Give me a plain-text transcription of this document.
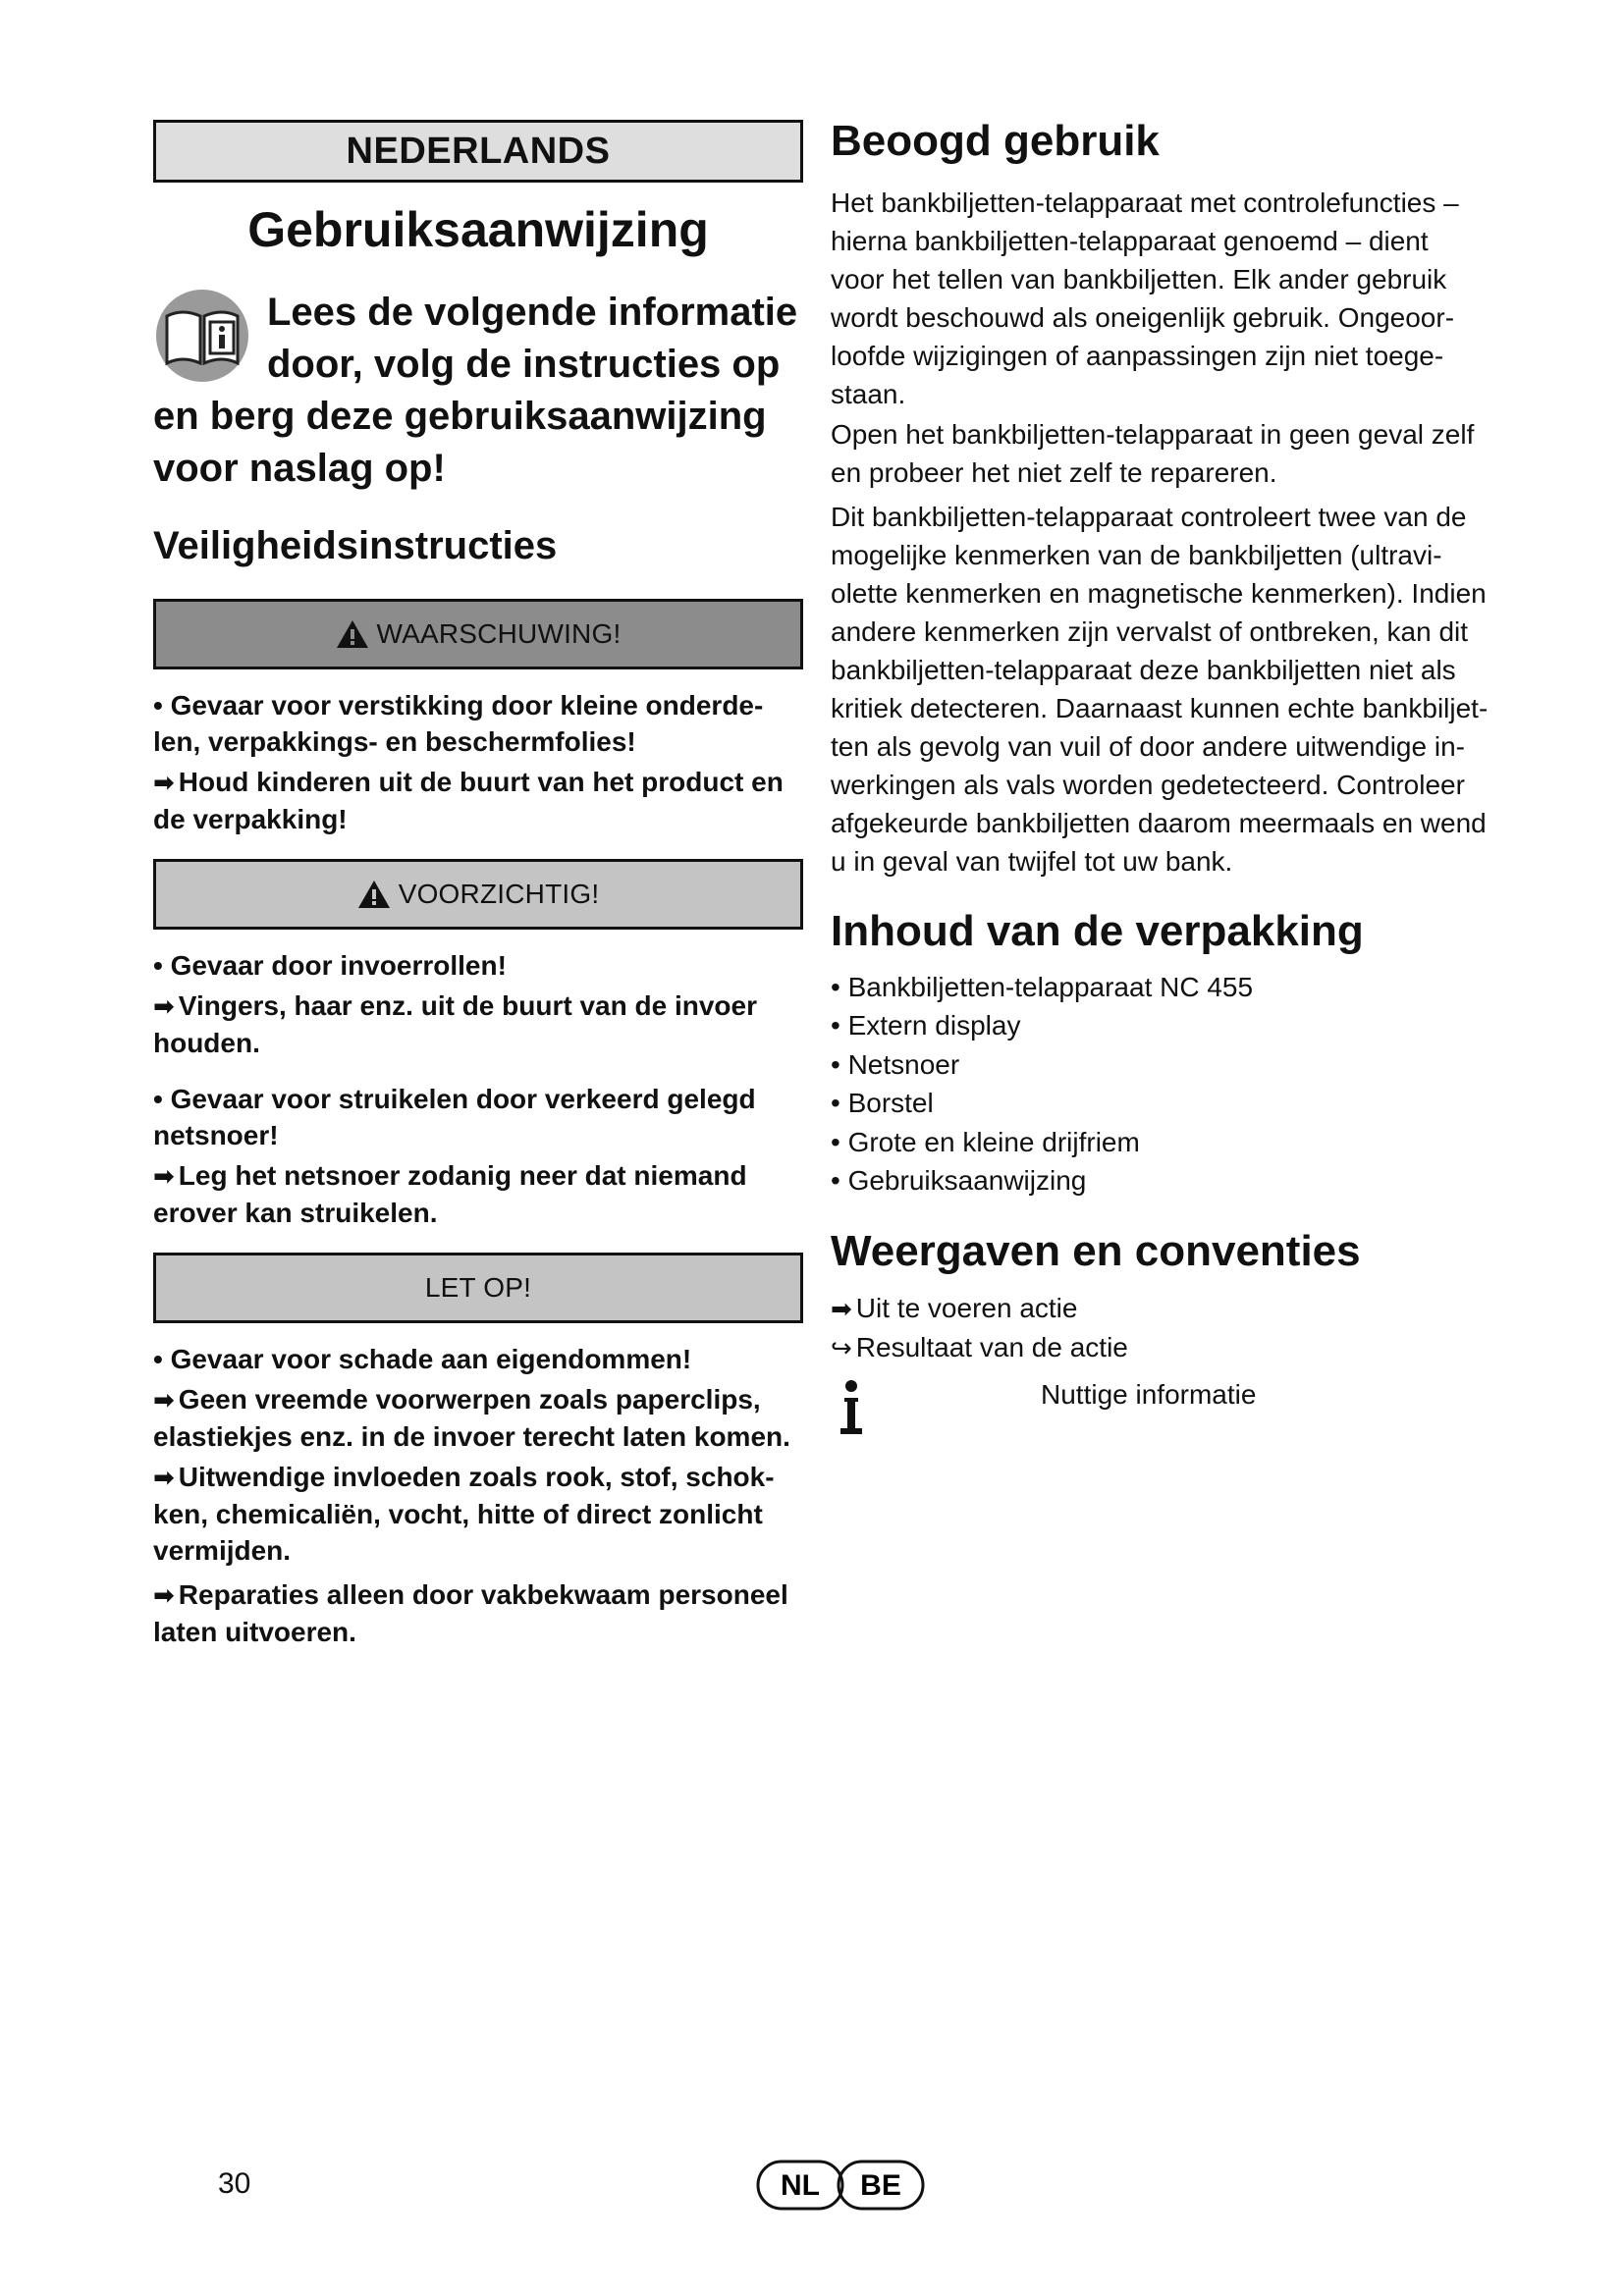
NEDERLANDS
Gebruiksaanwijzing
Lees de volgende informatie door, volg de instructies op en berg deze gebruiksaanwijzing voor naslag op!
Veiligheidsinstructies
WAARSCHUWING!

• Gevaar voor verstikking door kleine onderde-len, verpakkings- en beschermfolies!

➡ Houd kinderen uit de buurt van het product en de verpakking!

VOORZICHTIG!

• Gevaar door invoerrollen!

➡ Vingers, haar enz. uit de buurt van de invoer houden.

• Gevaar voor struikelen door verkeerd gelegd netsnoer!

➡ Leg het netsnoer zodanig neer dat niemand erover kan struikelen.

LET OP!

• Gevaar voor schade aan eigendommen!

➡ Geen vreemde voorwerpen zoals paperclips, elastiekjes enz. in de invoer terecht laten komen.

➡ Uitwendige invloeden zoals rook, stof, schok-ken, chemicaliën, vocht, hitte of direct zonlicht vermijden.

➡ Reparaties alleen door vakbekwaam personeel laten uitvoeren.

Beoogd gebruik

Het bankbiljetten-telapparaat met controlefuncties – hierna bankbiljetten-telapparaat genoemd – dient voor het tellen van bankbiljetten. Elk ander gebruik wordt beschouwd als oneigenlijk gebruik. Ongeoor-loofde wijzigingen of aanpassingen zijn niet toege-staan.

Open het bankbiljetten-telapparaat in geen geval zelf en probeer het niet zelf te repareren.

Dit bankbiljetten-telapparaat controleert twee van de mogelijke kenmerken van de bankbiljetten (ultravi-olette kenmerken en magnetische kenmerken). Indien andere kenmerken zijn vervalst of ontbreken, kan dit bankbiljetten-telapparaat deze bankbiljetten niet als kritiek detecteren. Daarnaast kunnen echte bankbiljet-ten als gevolg van vuil of door andere uitwendige in-werkingen als vals worden gedetecteerd. Controleer afgekeurde bankbiljetten daarom meermaals en wend u in geval van twijfel tot uw bank.

Inhoud van de verpakking
• Bankbiljetten-telapparaat NC 455
• Extern display
• Netsnoer
• Borstel
• Grote en kleine drijfriem
• Gebruiksaanwijzing
Weergaven en conventies
➡ Uit te voeren actie
↪ Resultaat van de actie
Nuttige informatie
30	NL BE
